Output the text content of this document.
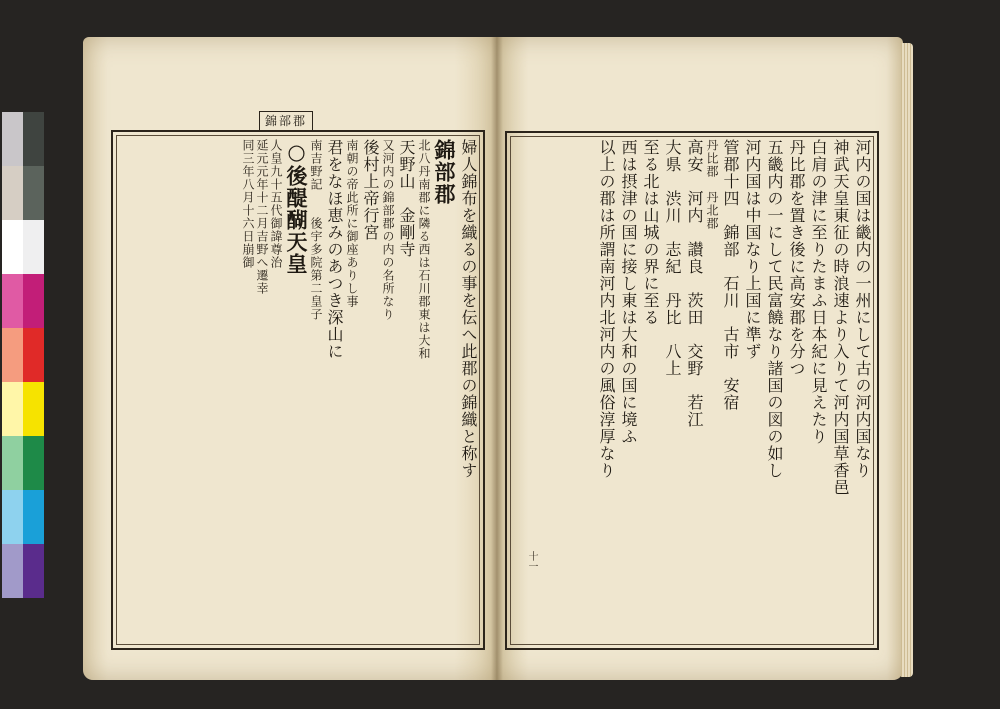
錦部郡
婦人錦布を織るの事を伝へ此郡の錦織と称す
錦部郡
北八丹南郡に隣る西は石川郡東は大和
天野山　金剛寺
又河内の錦部郡の内の名所なり
後村上帝行宮
南朝の帝此所に御座ありし事
君をなほ恵みのあつき深山に
南吉野記　　後宇多院第二皇子
○後醍醐天皇
人皇九十五代御諱尊治
延元元年十二月吉野へ遷幸
同三年八月十六日崩御	河内の国は畿内の一州にして古の河内国なり
神武天皇東征の時浪速より入りて河内国草香邑
白肩の津に至りたまふ日本紀に見えたり
丹比郡を置き後に高安郡を分つ
五畿内の一にして民富饒なり諸国の図の如し
河内国は中国なり上国に準ず
管郡十四　錦部　石川　古市　安宿
丹比郡　丹北郡
高安　河内　讃良　茨田　交野　若江
大県　渋川　志紀　丹比　八上
至る北は山城の界に至る
西は摂津の国に接し東は大和の国に境ふ
以上の郡は所謂南河内北河内の風俗淳厚なり
十一
